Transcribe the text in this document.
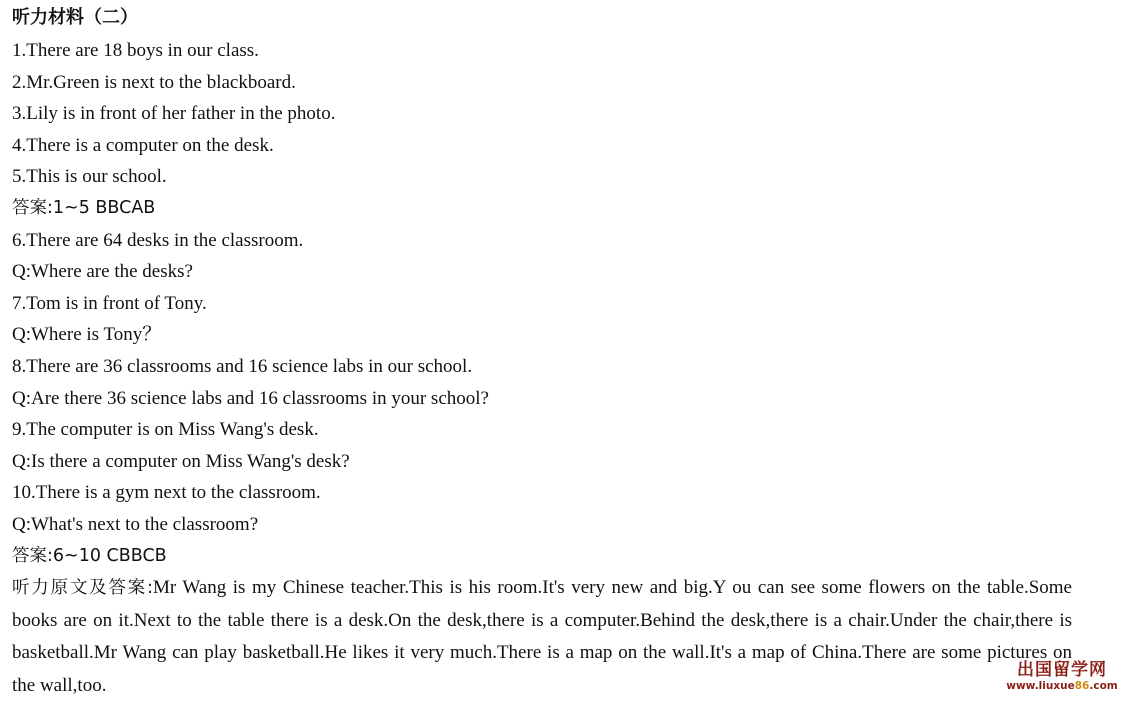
听力材料（二）
1.There are 18 boys in our class.
2.Mr.Green is next to the blackboard.
3.Lily is in front of her father in the photo.
4.There is a computer on the desk.
5.This is our school.
答案:1~5 BBCAB
6.There are 64 desks in the classroom.
Q:Where are the desks?
7.Tom is in front of Tony.
Q:Where is Tony？
8.There are 36 classrooms and 16 science labs in our school.
Q:Are there 36 science labs and 16 classrooms in your school?
9.The computer is on Miss Wang's desk.
Q:Is there a computer on Miss Wang's desk?
10.There is a gym next to the classroom.
Q:What's next to the classroom?
答案:6~10 CBBCB
听力原文及答案:Mr Wang is my Chinese teacher.This is his room.It's very new and big.Y ou can see some flowers on the table.Some books are on it.Next to the table there is a desk.On the desk,there is a computer.Behind the desk,there is a chair.Under the chair,there is basketball.Mr Wang can play basketball.He likes it very much.There is a map on the wall.It's a map of China.There are some pictures on the wall,too.
出国留学网
www.liuxue86.com
